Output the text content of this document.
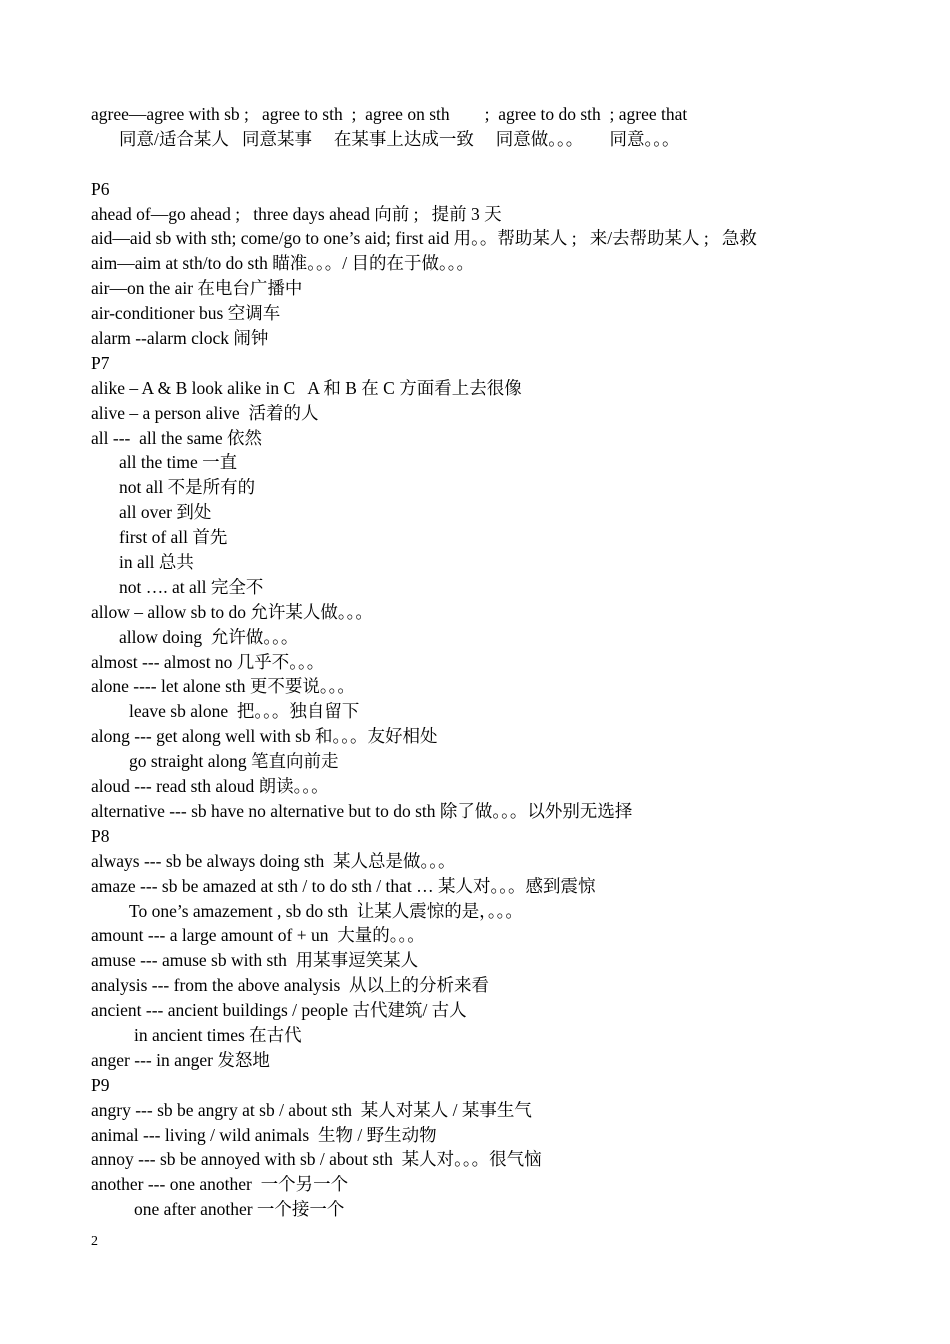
agree—agree with sb ;   agree to sth  ;  agree on sth        ;  agree to do sth  ; agree that
同意/适合某人   同意某事     在某事上达成一致     同意做。。。      同意。。。
P6
ahead of—go ahead ;   three days ahead 向前 ;   提前 3 天
aid—aid sb with sth; come/go to one’s aid; first aid 用。。帮助某人 ;   来/去帮助某人 ;   急救
aim—aim at sth/to do sth 瞄准。。。/ 目的在于做。。。
air—on the air 在电台广播中
air-conditioner bus 空调车
alarm --alarm clock 闹钟
P7
alike – A & B look alike in C   A 和 B 在 C 方面看上去很像
alive – a person alive  活着的人
all ---  all the same 依然
all the time 一直
not all 不是所有的
all over 到处
first of all 首先
in all 总共
not …. at all 完全不
allow – allow sb to do 允许某人做。。。
allow doing  允许做。。。
almost --- almost no 几乎不。。。
alone ---- let alone sth 更不要说。。。
leave sb alone  把。。。独自留下
along --- get along well with sb 和。。。友好相处
go straight along 笔直向前走
aloud --- read sth aloud 朗读。。。
alternative --- sb have no alternative but to do sth 除了做。。。以外别无选择
P8
always --- sb be always doing sth  某人总是做。。。
amaze --- sb be amazed at sth / to do sth / that … 某人对。。。感到震惊
To one’s amazement , sb do sth  让某人震惊的是，。。。
amount --- a large amount of + un  大量的。。。
amuse --- amuse sb with sth  用某事逗笑某人
analysis --- from the above analysis  从以上的分析来看
ancient --- ancient buildings / people 古代建筑/ 古人
in ancient times 在古代
anger --- in anger 发怒地
P9
angry --- sb be angry at sb / about sth  某人对某人 / 某事生气
animal --- living / wild animals  生物 / 野生动物
annoy --- sb be annoyed with sb / about sth  某人对。。。很气恼
another --- one another  一个另一个
one after another 一个接一个
2
